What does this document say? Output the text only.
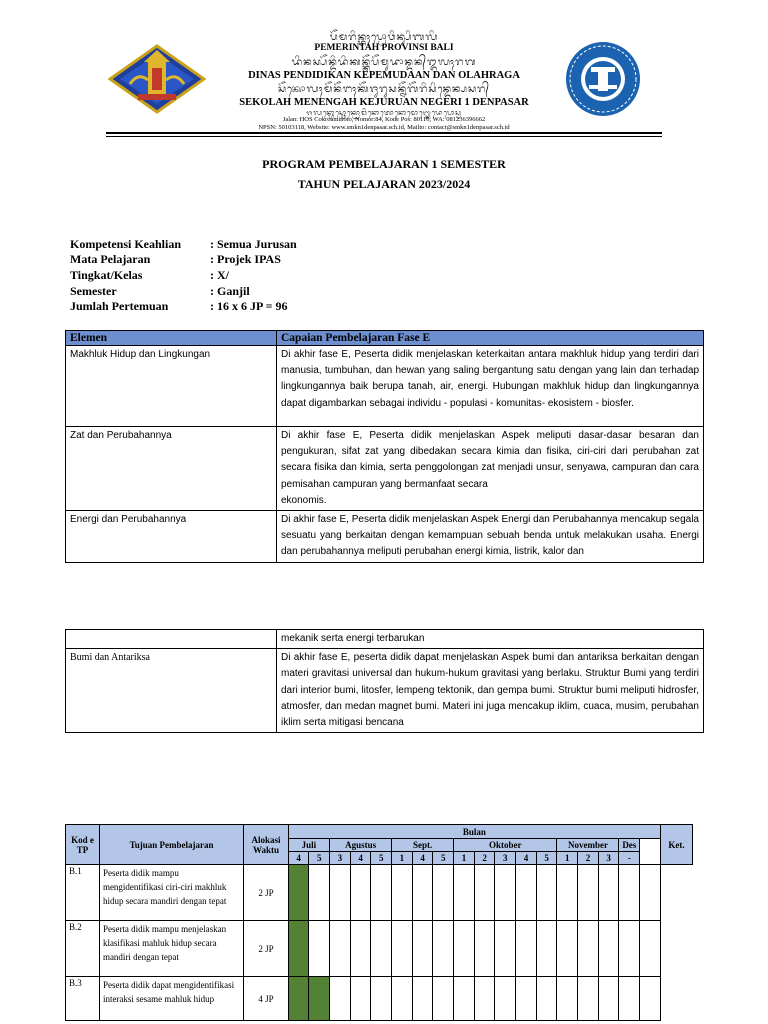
ᬧᭂᬫᬭᬶᬦ᭄ᬢᬄᬧ᭄ᬭᭀᬯᬶᬦ᭄ᬲᬶᬩᬮᬶ
PEMERINTAH PROVINSI BALI
ᬤᬶᬦᬲ᭄ᬧᭂᬦ᭄ᬤᬶᬤᬶᬓᬦ᭄ᬓᭂᬧᭂᬫᬸᬤᬵᬦ᭄ᬤᬦ᭄ᬑᬮᬄᬭᬕ
DINAS PENDIDIKAN KEPEMUDAAN DAN OLAHRAGA
ᬲᭂᬓᭀᬮᬄᬫᭂᬦᭂᬗᬄᬓᭂᬚᬸᬭᬸᬲᬦ᭄ᬦᭂᬕᭂᬭᬶᬲᬶᬦ᭄ᬤᬾᬦ᭄ᬧᬲᬭ᭄
SEKOLAH MENENGAH KEJURUAN NEGERI 1 DENPASAR
ᬚᬮᬦ᭄ᬳᭀᬲ᭄ᬘᭀᬓ᭄ᬭᭀᬫᬶᬦᭀᬢᭀᬦᭀᬫᭀᬭ᭄ᬓᭀᬤᬾᬧᭀᬲ᭄ᬯ
Jalan: HOS Cokroaminoto, Nomor:84, Kode Pos: 80116, WA: 081236396662
NPSN: 50103118, Website: www.smkn1denpasar.sch.id, Mailto: contact@smkn1denpasar.sch.id
PROGRAM PEMBELAJARAN 1 SEMESTER
TAHUN PELAJARAN 2023/2024
Kompetensi Keahlian : Semua Jurusan
Mata Pelajaran	: Projek IPAS
Tingkat/Kelas	: X/
Semester	: Ganjil
Jumlah Pertemuan	: 16 x 6 JP = 96
Elemen	Capaian Pembelajaran Fase E
Makhluk Hidup dan Lingkungan	Di akhir fase E, Peserta didik menjelaskan keterkaitan antara makhluk hidup yang terdiri dari manusia, tumbuhan, dan hewan yang saling bergantung satu dengan yang lain dan terhadap lingkungannya baik berupa tanah, air, energi. Hubungan makhluk hidup dan lingkungannya dapat digambarkan sebagai individu - populasi - komunitas- ekosistem - biosfer.
Zat dan Perubahannya	Di akhir fase E, Peserta didik menjelaskan Aspek meliputi dasar-dasar besaran dan pengukuran, sifat zat yang dibedakan secara kimia dan fisika, ciri-ciri dari perubahan zat secara fisika dan kimia, serta penggolongan zat menjadi unsur, senyawa, campuran dan cara pemisahan campuran yang bermanfaat secara
ekonomis.
Energi dan Perubahannya	Di akhir fase E, Peserta didik menjelaskan Aspek Energi dan Perubahannya mencakup segala sesuatu yang berkaitan dengan kemampuan sebuah benda untuk melakukan usaha. Energi dan perubahannya meliputi perubahan energi kimia, listrik, kalor dan
	mekanik serta energi terbarukan
Bumi dan Antariksa	Di akhir fase E, peserta didik dapat menjelaskan Aspek bumi dan antariksa berkaitan dengan materi gravitasi universal dan hukum-hukum gravitasi yang berlaku. Struktur Bumi yang terdiri dari interior bumi, litosfer, lempeng tektonik, dan gempa bumi. Struktur bumi meliputi hidrosfer, atmosfer, dan medan magnet bumi. Materi ini juga mencakup iklim, cuaca, musim, perubahan iklim serta mitigasi bencana
Kod e TP	Tujuan Pembelajaran	Alokasi Waktu	Bulan																		Ket.
			Juli		Agustus			Sept.			Oktober					November			Des		
			4	5	3	4	5	1	4	5	1	2	3	4	5	1	2	3	-		
B.1	Peserta didik mampu mengidentifikasi ciri-ciri makhluk hidup secara mandiri dengan tepat	2 JP																			
B.2	Peserta didik mampu menjelaskan klasifikasi mahluk hidup secara mandiri dengan tepat	2 JP																			
B.3	Peserta didik dapat mengidentifikasi interaksi sesame mahluk hidup	4 JP																			
